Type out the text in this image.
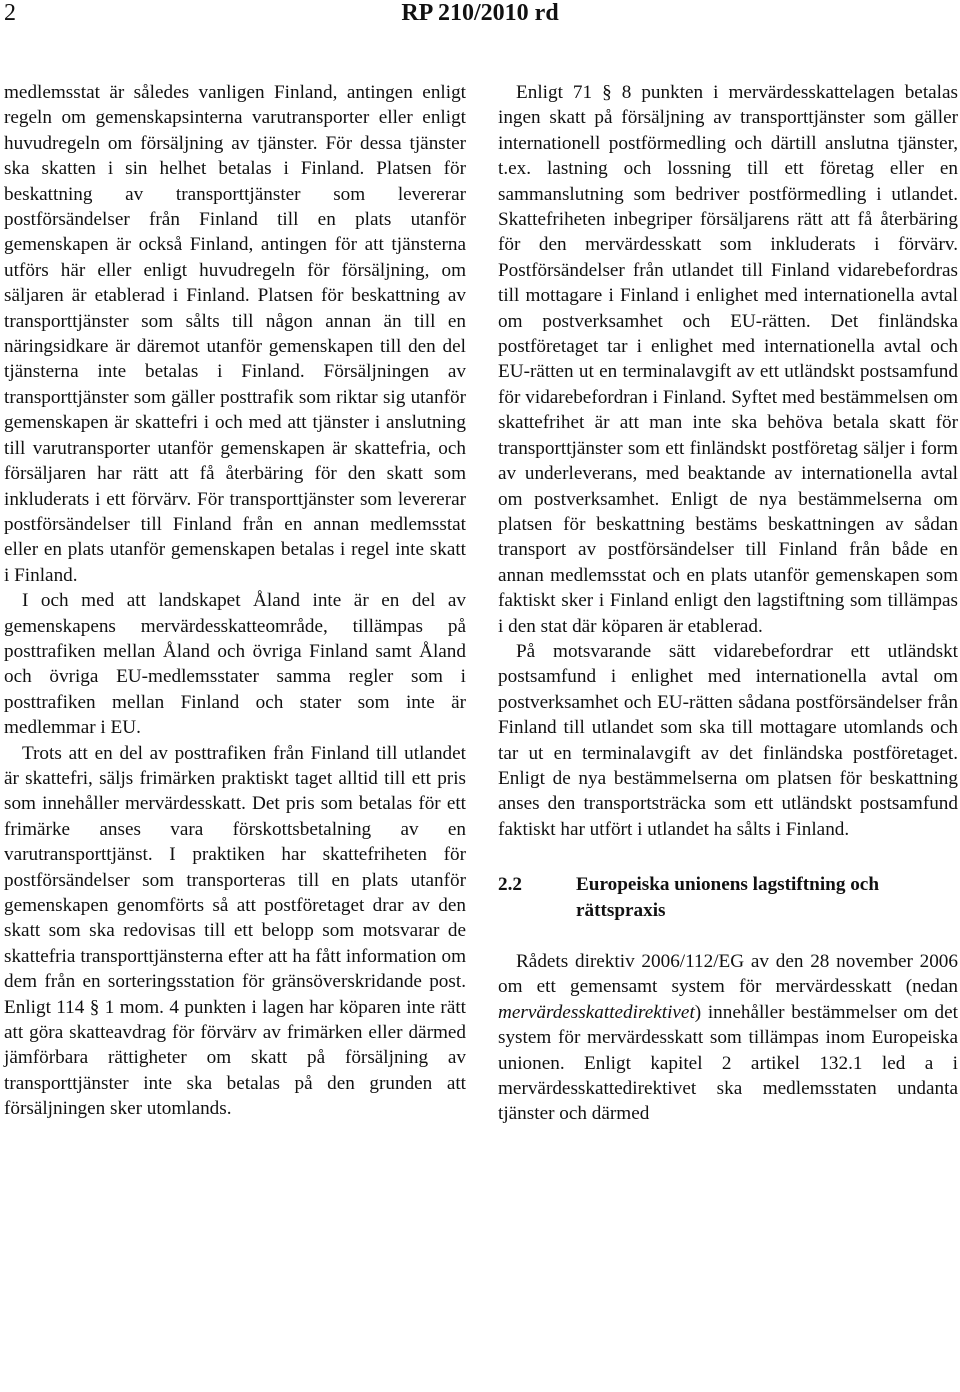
2	RP 210/2010 rd

medlemsstat är således vanligen Finland, antingen enligt regeln om gemenskapsinterna varutransporter eller enligt huvudregeln om försäljning av tjänster. För dessa tjänster ska skatten i sin helhet betalas i Finland. Platsen för beskattning av transporttjänster som levererar postförsändelser från Finland till en plats utanför gemenskapen är också Finland, antingen för att tjänsterna utförs här eller enligt huvudregeln för försäljning, om säljaren är etablerad i Finland. Platsen för beskattning av transporttjänster som sålts till någon annan än till en näringsidkare är däremot utanför gemenskapen till den del tjänsterna inte betalas i Finland. Försäljningen av transporttjänster som gäller posttrafik som riktar sig utanför gemenskapen är skattefri i och med att tjänster i anslutning till varutransporter utanför gemenskapen är skattefria, och försäljaren har rätt att få återbäring för den skatt som inkluderats i ett förvärv. För transporttjänster som levererar postförsändelser till Finland från en annan medlemsstat eller en plats utanför gemenskapen betalas i regel inte skatt i Finland.

I och med att landskapet Åland inte är en del av gemenskapens mervärdesskatteområde, tillämpas på posttrafiken mellan Åland och övriga Finland samt Åland och övriga EU-medlemsstater samma regler som i posttrafiken mellan Finland och stater som inte är medlemmar i EU.

Trots att en del av posttrafiken från Finland till utlandet är skattefri, säljs frimärken praktiskt taget alltid till ett pris som innehåller mervärdesskatt. Det pris som betalas för ett frimärke anses vara förskottsbetalning av en varutransporttjänst. I praktiken har skattefriheten för postförsändelser som transporteras till en plats utanför gemenskapen genomförts så att postföretaget drar av den skatt som ska redovisas till ett belopp som motsvarar de skattefria transporttjänsterna efter att ha fått information om dem från en sorteringsstation för gränsöverskridande post. Enligt 114 § 1 mom. 4 punkten i lagen har köparen inte rätt att göra skatteavdrag för förvärv av frimärken eller därmed jämförbara rättigheter om skatt på försäljning av transporttjänster inte ska betalas på den grunden att försäljningen sker utomlands.

Enligt 71 § 8 punkten i mervärdesskattelagen betalas ingen skatt på försäljning av transporttjänster som gäller internationell postförmedling och därtill anslutna tjänster, t.ex. lastning och lossning till ett företag eller en sammanslutning som bedriver postförmedling i utlandet. Skattefriheten inbegriper försäljarens rätt att få återbäring för den mervärdesskatt som inkluderats i förvärv. Postförsändelser från utlandet till Finland vidarebefordras till mottagare i Finland i enlighet med internationella avtal om postverksamhet och EU-rätten. Det finländska postföretaget tar i enlighet med internationella avtal och EU-rätten ut en terminalavgift av ett utländskt postsamfund för vidarebefordran i Finland. Syftet med bestämmelsen om skattefrihet är att man inte ska behöva betala skatt för transporttjänster som ett finländskt postföretag säljer i form av underleverans, med beaktande av internationella avtal om postverksamhet. Enligt de nya bestämmelserna om platsen för beskattning bestäms beskattningen av sådan transport av postförsändelser till Finland från både en annan medlemsstat och en plats utanför gemenskapen som faktiskt sker i Finland enligt den lagstiftning som tillämpas i den stat där köparen är etablerad.

På motsvarande sätt vidarebefordrar ett utländskt postsamfund i enlighet med internationella avtal om postverksamhet och EU-rätten sådana postförsändelser från Finland till utlandet som ska till mottagare utomlands och tar ut en terminalavgift av det finländska postföretaget. Enligt de nya bestämmelserna om platsen för beskattning anses den transportsträcka som ett utländskt postsamfund faktiskt har utfört i utlandet ha sålts i Finland.

2.2	Europeiska unionens lagstiftning och rättspraxis

Rådets direktiv 2006/112/EG av den 28 november 2006 om ett gemensamt system för mervärdesskatt (nedan mervärdesskattedirektivet) innehåller bestämmelser om det system för mervärdesskatt som tillämpas inom Europeiska unionen. Enligt kapitel 2 artikel 132.1 led a i mervärdesskattedirektivet ska medlemsstaten undanta tjänster och därmed
